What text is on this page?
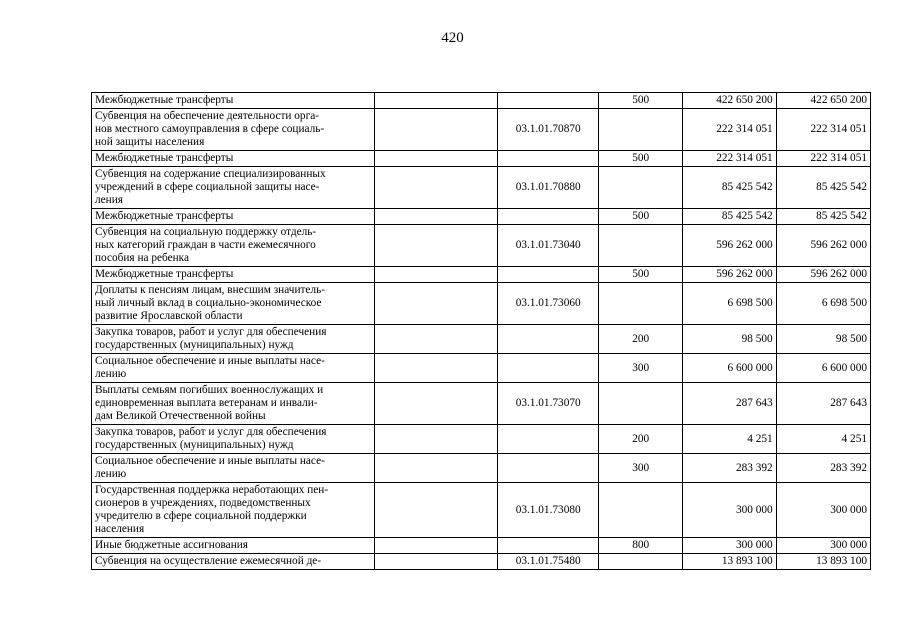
420
Межбюджетные трансферты			500	422 650 200	422 650 200

Субвенция на обеспечение деятельности орга-
нов местного самоуправления в сфере социаль-
ной защиты населения		03.1.01.70870		222 314 051	222 314 051

Межбюджетные трансферты			500	222 314 051	222 314 051

Субвенция на содержание специализированных
учреждений в сфере социальной защиты насе-
ления		03.1.01.70880		85 425 542	85 425 542

Межбюджетные трансферты			500	85 425 542	85 425 542

Субвенция на социальную поддержку отдель-
ных категорий граждан в части ежемесячного
пособия на ребенка		03.1.01.73040		596 262 000	596 262 000

Межбюджетные трансферты			500	596 262 000	596 262 000

Доплаты к пенсиям лицам, внесшим значитель-
ный личный вклад в социально-экономическое
развитие Ярославской области		03.1.01.73060		6 698 500	6 698 500

Закупка товаров, работ и услуг для обеспечения
государственных (муниципальных) нужд			200	98 500	98 500

Социальное обеспечение и иные выплаты насе-
лению			300	6 600 000	6 600 000

Выплаты семьям погибших военнослужащих и
единовременная выплата ветеранам и инвали-
дам Великой Отечественной войны		03.1.01.73070		287 643	287 643

Закупка товаров, работ и услуг для обеспечения
государственных (муниципальных) нужд			200	4 251	4 251

Социальное обеспечение и иные выплаты насе-
лению			300	283 392	283 392

Государственная поддержка неработающих пен-
сионеров в учреждениях, подведомственных
учредителю в сфере социальной поддержки
населения		03.1.01.73080		300 000	300 000

Иные бюджетные ассигнования			800	300 000	300 000

Субвенция на осуществление ежемесячной де-		03.1.01.75480		13 893 100	13 893 100
